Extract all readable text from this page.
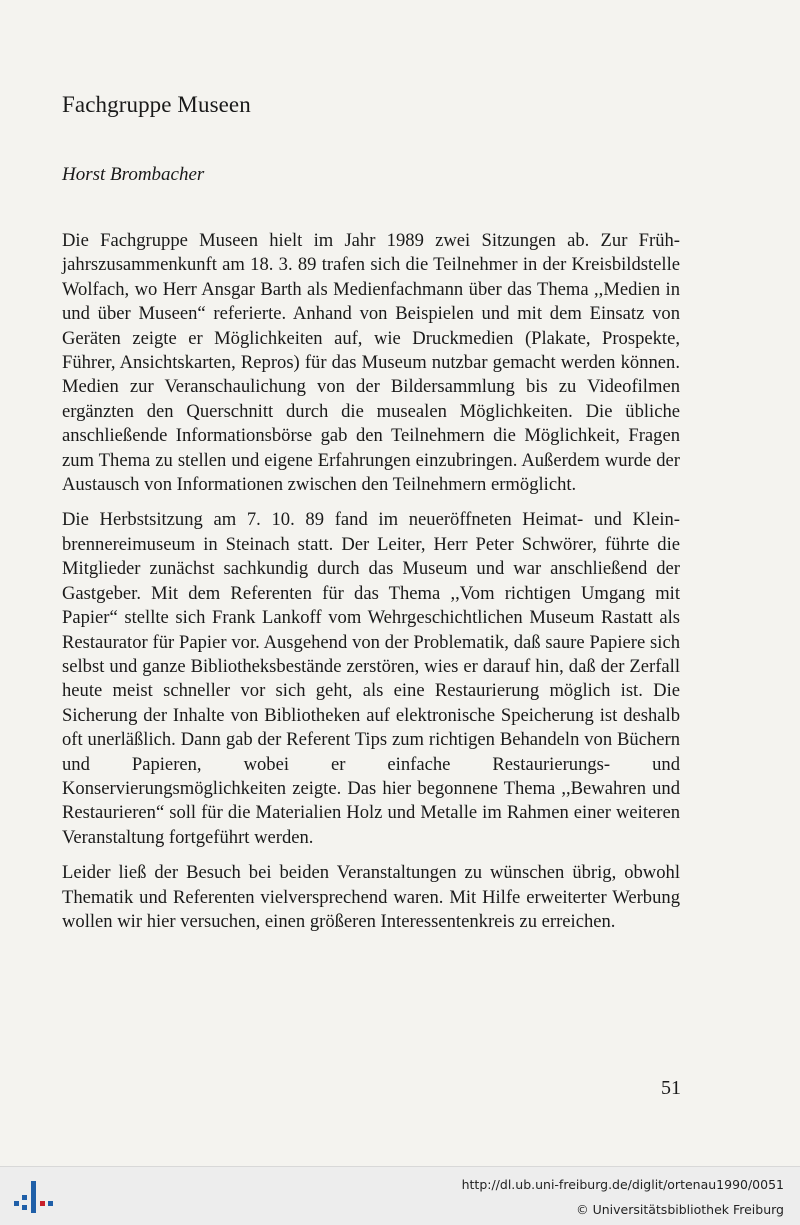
Fachgruppe Museen
Horst Brombacher

Die Fachgruppe Museen hielt im Jahr 1989 zwei Sitzungen ab. Zur Frühjahrszusammenkunft am 18. 3. 89 trafen sich die Teilnehmer in der Kreisbildstelle Wolfach, wo Herr Ansgar Barth als Medienfachmann über das Thema ,,Medien in und über Museen“ referierte. Anhand von Beispielen und mit dem Einsatz von Geräten zeigte er Möglichkeiten auf, wie Druckmedien (Plakate, Prospekte, Führer, Ansichtskarten, Repros) für das Museum nutzbar gemacht werden können. Medien zur Veranschaulichung von der Bildersammlung bis zu Videofilmen ergänzten den Querschnitt durch die musealen Möglichkeiten. Die übliche anschließende Informationsbörse gab den Teilnehmern die Möglichkeit, Fragen zum Thema zu stellen und eigene Erfahrungen einzubringen. Außerdem wurde der Austausch von Informationen zwischen den Teilnehmern ermöglicht.

Die Herbstsitzung am 7. 10. 89 fand im neueröffneten Heimat- und Kleinbrennereimuseum in Steinach statt. Der Leiter, Herr Peter Schwörer, führte die Mitglieder zunächst sachkundig durch das Museum und war anschließend der Gastgeber. Mit dem Referenten für das Thema ,,Vom richtigen Umgang mit Papier“ stellte sich Frank Lankoff vom Wehrgeschichtlichen Museum Rastatt als Restaurator für Papier vor. Ausgehend von der Problematik, daß saure Papiere sich selbst und ganze Bibliotheksbestände zerstören, wies er darauf hin, daß der Zerfall heute meist schneller vor sich geht, als eine Restaurierung möglich ist. Die Sicherung der Inhalte von Bibliotheken auf elektronische Speicherung ist deshalb oft unerläßlich. Dann gab der Referent Tips zum richtigen Behandeln von Büchern und Papieren, wobei er einfache Restaurierungs- und Konservierungsmöglichkeiten zeigte. Das hier begonnene Thema ,,Bewahren und Restaurieren“ soll für die Materialien Holz und Metalle im Rahmen einer weiteren Veranstaltung fortgeführt werden.

Leider ließ der Besuch bei beiden Veranstaltungen zu wünschen übrig, obwohl Thematik und Referenten vielversprechend waren. Mit Hilfe erweiterter Werbung wollen wir hier versuchen, einen größeren Interessentenkreis zu erreichen.

51
http://dl.ub.uni-freiburg.de/diglit/ortenau1990/0051
© Universitätsbibliothek Freiburg
